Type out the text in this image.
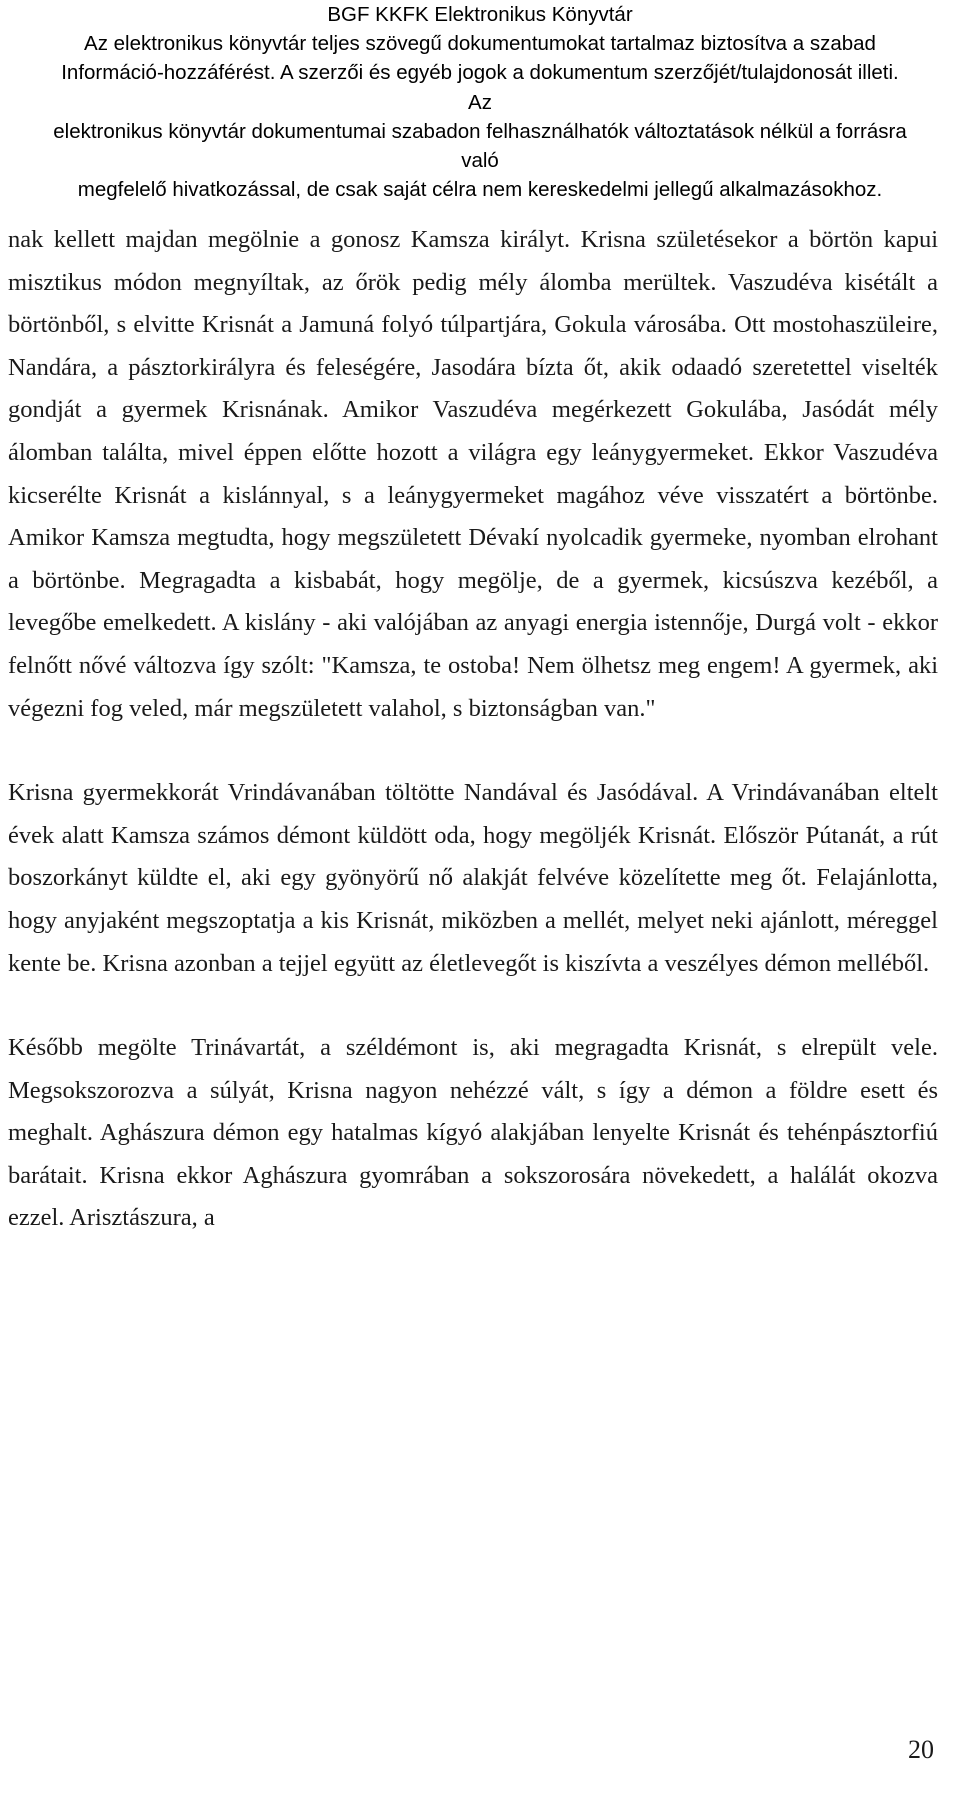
BGF KKFK Elektronikus Könyvtár
Az elektronikus könyvtár teljes szövegű dokumentumokat tartalmaz biztosítva a szabad
Információ-hozzáférést. A szerzői és egyéb jogok a dokumentum szerzőjét/tulajdonosát illeti.
Az
elektronikus könyvtár dokumentumai szabadon felhasználhatók változtatások nélkül a forrásra
való
megfelelő hivatkozással, de csak saját célra nem kereskedelmi jellegű alkalmazásokhoz.

nak kellett majdan megölnie a gonosz Kamsza királyt. Krisna születésekor a börtön kapui misztikus módon megnyíltak, az őrök pedig mély álomba merültek. Vaszudéva kisétált a börtönből, s elvitte Krisnát a Jamuná folyó túlpartjára, Gokula városába. Ott mostohaszüleire, Nandára, a pásztorkirályra és feleségére, Jasodára bízta őt, akik odaadó szeretettel viselték gondját a gyermek Krisnának. Amikor Vaszudéva megérkezett Gokulába, Jasódát mély álomban találta, mivel éppen előtte hozott a világra egy leánygyermeket. Ekkor Vaszudéva kicserélte Krisnát a kislánnyal, s a leánygyermeket magához véve visszatért a börtönbe. Amikor Kamsza megtudta, hogy megszületett Dévakí nyolcadik gyermeke, nyomban elrohant a börtönbe. Megragadta a kisbabát, hogy megölje, de a gyermek, kicsúszva kezéből, a levegőbe emelkedett. A kislány - aki valójában az anyagi energia istennője, Durgá volt - ekkor felnőtt nővé változva így szólt: "Kamsza, te ostoba! Nem ölhetsz meg engem! A gyermek, aki végezni fog veled, már megszületett valahol, s biztonságban van."

Krisna gyermekkorát Vrindávanában töltötte Nandával és Jasódával. A Vrindávanában eltelt évek alatt Kamsza számos démont küldött oda, hogy megöljék Krisnát. Először Pútanát, a rút boszorkányt küldte el, aki egy gyönyörű nő alakját felvéve közelítette meg őt. Felajánlotta, hogy anyjaként megszoptatja a kis Krisnát, miközben a mellét, melyet neki ajánlott, méreggel kente be. Krisna azonban a tejjel együtt az életlevegőt is kiszívta a veszélyes démon melléből.

Később megölte Trinávartát, a széldémont is, aki megragadta Krisnát, s elrepült vele. Megsokszorozva a súlyát, Krisna nagyon nehézzé vált, s így a démon a földre esett és meghalt. Aghászura démon egy hatalmas kígyó alakjában lenyelte Krisnát és tehénpásztorfiú barátait. Krisna ekkor Aghászura gyomrában a sokszorosára növekedett, a halálát okozva ezzel. Arisztászura, a

20
